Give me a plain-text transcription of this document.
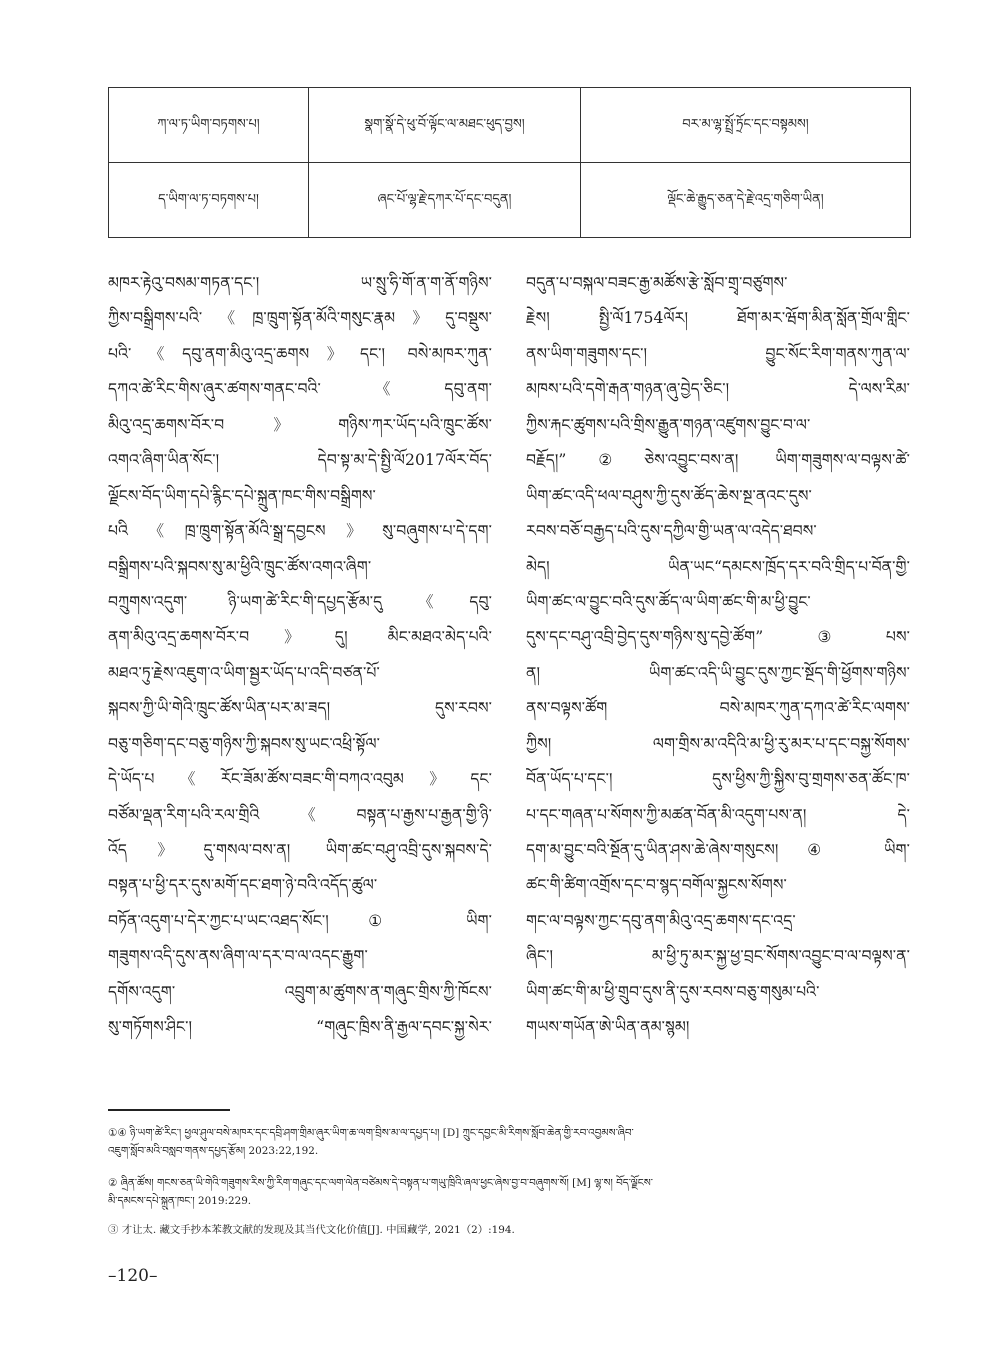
ཀ་ལ་ཏ་ཡིག་བཏགས་པ།	སྣག་སྣོ་དེ་ཕུ་བོ་ལྟོང་ལ་མཐང་ཕུད་བྱས།	བར་མ་ལྷ་སྤྲོ་ཏྲོང་དང་བསྟམས།
ད་ཡིག་ལ་ཏ་བཏགས་པ།	ཞང་པོ་ལྷ་རྗེ་དཀར་པོ་དང་བདུན།	ལྡོང་ཆེ་རྒྱུད་ཅན་དེ་རྗེ་འདྲ་གཅིག་ཡིན།
མཁར་རྟེའུ་བསམ་གཏན་དང་། ཡ་སྲུ་ཧི་གོ་ན་ག་ནོ་གཉིས་
ཀྱིས་བསྒྲིགས་པའི་《ཁྲ་ཁྲུག་སྟོན་མོའི་གསུང་རྣམ》དུ་བསྡུས་
པའི་《དབུ་ནག་མིའུ་འདྲ་ཆགས》དང་། བསེ་མཁར་ཀུན་
དཀའ་ཚེ་རིང་གིས་ཞུར་ཚགས་གནང་བའི་《དབུ་ནག་
མིའུ་འདྲ་ཆགས་བོར་བ》གཉིས་ཀར་ཡོད་པའི་ཁྲུང་ཚོས་
འགའ་ཞིག་ཡིན་སོང་། དེབ་སྟ་མ་དེ་སྤྱི་ལོ2017ལོར་བོད་
ལྗོངས་བོད་ཡིག་དཔེ་རྙིང་དཔེ་སྐྲུན་ཁང་གིས་བསྒྲིགས་
པའི《ཁྲ་ཁྲུག་སྟོན་མོའི་སྒྲ་དབྱངས》སུ་བཞུགས་པ་དེ་དག་
བསྒྲིགས་པའི་སྐབས་སུ་མ་ཕྱིའི་ཁྲུང་ཚོས་འགའ་ཞིག་
བཀྲུགས་འདུག་ ཉི་ཡག་ཚེ་རིང་གི་དཔྱད་རྩོམ་དུ《དབུ་
ནག་མིའུ་འདྲ་ཆགས་བོར་བ》དུ། མིང་མཐའ་མེད་པའི་
མཐའ་ཏུ་རྗེས་འཇུག་འ་ཡིག་སྦྱར་ཡོད་པ་འདི་བཙན་པོ་
སྐབས་ཀྱི་ཡི་གེའི་ཁྲུང་ཚོས་ཡིན་པར་མ་ཟད། དུས་རབས་
བཅུ་གཅིག་དང་བཅུ་གཉིས་ཀྱི་སྐབས་སུ་ཡང་འཕྲི་སྟོལ་
དེ་ཡོད་པ《རོང་ཟོམ་ཚོས་བཟང་གི་བཀའ་འབུམ》དང་
བཙོམ་ལྡན་རིག་པའི་རལ་གྲིའི《བསྟན་པ་རྒྱས་པ་རྒྱན་གྱི་ཉི་
འོད》དུ་གསལ་བས་ན། ཡིག་ཚང་བཤུ་འབྲི་དུས་སྐབས་དེ་
བསྟན་པ་ཕྱི་དར་དུས་མགོ་དང་ཐག་ཉེ་བའི་འདོད་ཚུལ་
བཏོན་འདུག་པ་དེར་ཀྱང་པ་ཡང་འཐད་སོང་།① ཡིག་
གཟུགས་འདི་དུས་ནས་ཞིག་ལ་དར་བ་ལ་འདང་རྒྱུག་
དགོས་འདུག་ འབྲུག་མ་ཚུགས་ན་གཞུང་གྲིས་ཀྱི་ཁོངས་
སུ་གཏོགས་ཤིང་། “གཞུང་ཁྲིས་ནི་རྒྱལ་དབང་སྐྱ་སེར་
བདུན་པ་བསྐལ་བཟང་རྒྱ་མཚོས་རྩེ་སློབ་གྲྭ་བཙུགས་
རྗེས། སྤྱི་ལོ1754ལོར། ཐོག་མར་ཝོག་མིན་སློན་གྲོལ་གླིང་
ནས་ཡིག་གཟུགས་དང་། བྱུང་སོང་རིག་གནས་ཀུན་ལ་
མཁས་པའི་དགེ་རྒན་གཉན་ཞུ་བྱེད་ཅིང་། དེ་ལས་རིམ་
ཀྱིས་རྐང་ཚུགས་པའི་གྲིས་རྒྱུན་གཉན་འཛུགས་བྱུང་བ་ལ་
བརྗོད།”②ཅེས་འབྱུང་བས་ན། ཡིག་གཟུགས་ལ་བལྟས་ཚེ་
ཡིག་ཚང་འདི་ཕལ་བཤུས་ཀྱི་དུས་ཚོད་ཆེས་སྔ་ནའང་དུས་
རབས་བཅོ་བརྒྱད་པའི་དུས་དཀྱིལ་གྱི་ཡན་ལ་འདེད་ཐབས་
མེད། ཡིན་ཡང“དམངས་ཁྲོད་དར་བའི་གྲིད་པ་བོན་གྱི་
ཡིག་ཚང་ལ་བྱུང་བའི་དུས་ཚོད་ལ་ཡིག་ཚང་གི་མ་ཕྱི་བྱུང་
དུས་དང་བཤུ་འབྲི་བྱེད་དུས་གཉིས་སུ་དབྱེ་ཚོག”③པས་
ན། ཡིག་ཚང་འདི་ཡི་བྱུང་དུས་ཀྱང་སྔོད་གི་ཕྱོགས་གཉིས་
ནས་བལྟས་ཚོག བསེ་མཁར་ཀུན་དཀའ་ཚེ་རིང་ལགས་
ཀྱིས། ལག་གྲིས་མ་འདིའི་མ་ཕྱི་རུ་མར་པ་དང་བསྐྱ་སོགས་
བོན་ཡོད་པ་དང་། དུས་ཕྱིས་ཀྱི་སྐྱིས་བུ་གྲགས་ཅན་ཚོང་ཁ་
པ་དང་གཞན་པ་སོགས་ཀྱི་མཚན་བོན་མི་འདུག་པས་ན། དེ་
དག་མ་བྱུང་བའི་སྔོན་དུ་ཡིན་ཤས་ཆེ་ཞེས་གསུངས།④ ཡིག་
ཚང་གི་ཚིག་འགྲོས་དང་བ་སྙད་བགོལ་སྐྱངས་སོགས་
གང་ལ་བལྟས་ཀྱང་དབུ་ནག་མིའུ་འདྲ་ཆགས་དང་འདྲ་
ཞིང་། མ་ཕྱི་ཏུ་མར་སྐྱ་ཕྱ་བྲང་སོགས་འབྱུང་བ་ལ་བལྟས་ན་
ཡིག་ཚང་གི་མ་ཕྱི་གྲུབ་དུས་ནི་དུས་རབས་བཅུ་གསུམ་པའི་
གཡས་གཡོན་ཨེ་ཡིན་ནམ་སྙམ།
①④ ཉི་ཡག་ཚེ་རིང་། ཕྱལ་ཤུལ་བསེ་མཁར་དང་དབྲི་ཤག་གྲིམ་ཞུར་ཡིག་ཆ་ལག་བྲིས་མ་ལ་དཔྱད་པ། [D] ཀྲུང་དབྱང་མི་རིགས་སློབ་ཆེན་གྱི་རབ་འབྱམས་ཞིབ་
འཇུག་སློབ་མའི་བསླབ་གནས་དཔྱད་རྩོམ། 2023:22,192.
② ཞྲིན་ཚོས། གངས་ཅན་ཡི་གེའི་གཟུགས་རིས་ཀྱི་རིག་གཞུང་དང་ལག་ལེན་བཙེམས་དེ་བསྟན་པ་གཡུ་ཁྲིའི་ཞལ་ཕྱང་ཞེས་བྱ་བ་བཞུགས་སོ། [M] ལྷ་ས། བོད་ལྗོངས་
མི་དམངས་དཔེ་སྐྲུན་ཁང་། 2019:229.
③ 才让太. 藏文手抄本苯教文献的发现及其当代文化价值[J]. 中国藏学, 2021（2）:194.
–120–
